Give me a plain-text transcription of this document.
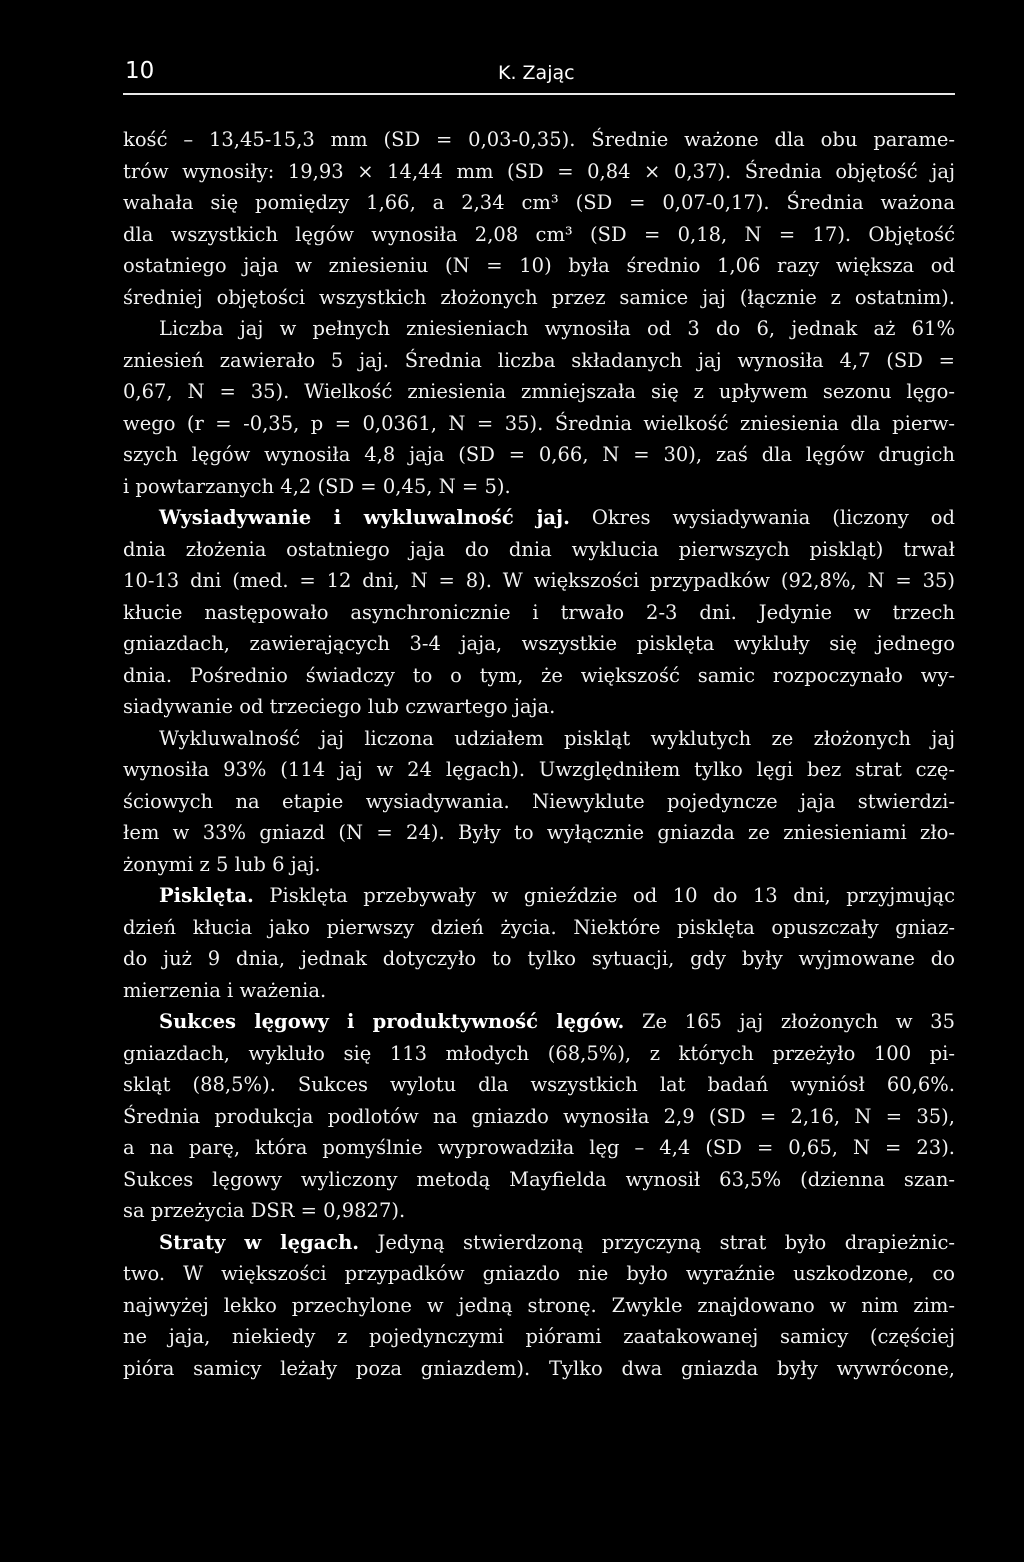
10	K. Zając
kość – 13,45-15,3 mm (SD = 0,03-0,35). Średnie ważone dla obu parame-
trów wynosiły: 19,93 × 14,44 mm (SD = 0,84 × 0,37). Średnia objętość jaj
wahała się pomiędzy 1,66, a 2,34 cm³ (SD = 0,07-0,17). Średnia ważona
dla wszystkich lęgów wynosiła 2,08 cm³ (SD = 0,18, N = 17). Objętość
ostatniego jaja w zniesieniu (N = 10) była średnio 1,06 razy większa od
średniej objętości wszystkich złożonych przez samice jaj (łącznie z ostatnim).
Liczba jaj w pełnych zniesieniach wynosiła od 3 do 6, jednak aż 61%
zniesień zawierało 5 jaj. Średnia liczba składanych jaj wynosiła 4,7 (SD =
0,67, N = 35). Wielkość zniesienia zmniejszała się z upływem sezonu lęgo-
wego (r = -0,35, p = 0,0361, N = 35). Średnia wielkość zniesienia dla pierw-
szych lęgów wynosiła 4,8 jaja (SD = 0,66, N = 30), zaś dla lęgów drugich
i powtarzanych 4,2 (SD = 0,45, N = 5).
Wysiadywanie i wykluwalność jaj. Okres wysiadywania (liczony od
dnia złożenia ostatniego jaja do dnia wyklucia pierwszych piskląt) trwał
10-13 dni (med. = 12 dni, N = 8). W większości przypadków (92,8%, N = 35)
kłucie następowało asynchronicznie i trwało 2-3 dni. Jedynie w trzech
gniazdach, zawierających 3-4 jaja, wszystkie pisklęta wykluły się jednego
dnia. Pośrednio świadczy to o tym, że większość samic rozpoczynało wy-
siadywanie od trzeciego lub czwartego jaja.
Wykluwalność jaj liczona udziałem piskląt wyklutych ze złożonych jaj
wynosiła 93% (114 jaj w 24 lęgach). Uwzględniłem tylko lęgi bez strat czę-
ściowych na etapie wysiadywania. Niewyklute pojedyncze jaja stwierdzi-
łem w 33% gniazd (N = 24). Były to wyłącznie gniazda ze zniesieniami zło-
żonymi z 5 lub 6 jaj.
Pisklęta. Pisklęta przebywały w gnieździe od 10 do 13 dni, przyjmując
dzień kłucia jako pierwszy dzień życia. Niektóre pisklęta opuszczały gniaz-
do już 9 dnia, jednak dotyczyło to tylko sytuacji, gdy były wyjmowane do
mierzenia i ważenia.
Sukces lęgowy i produktywność lęgów. Ze 165 jaj złożonych w 35
gniazdach, wykluło się 113 młodych (68,5%), z których przeżyło 100 pi-
skląt (88,5%). Sukces wylotu dla wszystkich lat badań wyniósł 60,6%.
Średnia produkcja podlotów na gniazdo wynosiła 2,9 (SD = 2,16, N = 35),
a na parę, która pomyślnie wyprowadziła lęg – 4,4 (SD = 0,65, N = 23).
Sukces lęgowy wyliczony metodą Mayfielda wynosił 63,5% (dzienna szan-
sa przeżycia DSR = 0,9827).
Straty w lęgach. Jedyną stwierdzoną przyczyną strat było drapieżnic-
two. W większości przypadków gniazdo nie było wyraźnie uszkodzone, co
najwyżej lekko przechylone w jedną stronę. Zwykle znajdowano w nim zim-
ne jaja, niekiedy z pojedynczymi piórami zaatakowanej samicy (częściej
pióra samicy leżały poza gniazdem). Tylko dwa gniazda były wywrócone,
